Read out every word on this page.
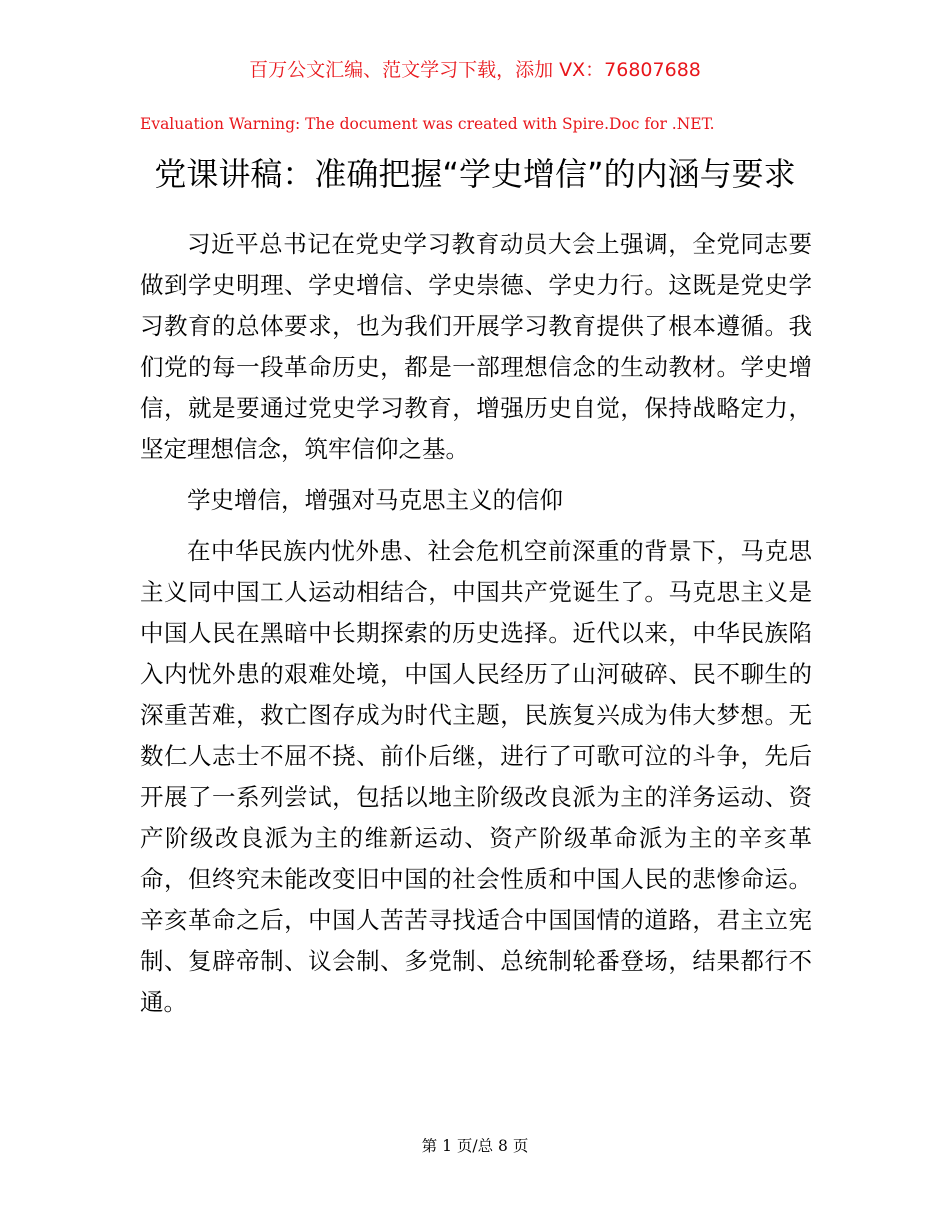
百万公文汇编、范文学习下载，添加 VX：76807688
Evaluation Warning: The document was created with Spire.Doc for .NET.
党课讲稿：准确把握“学史增信”的内涵与要求

习近平总书记在党史学习教育动员大会上强调，全党同志要做到学史明理、学史增信、学史崇德、学史力行。这既是党史学习教育的总体要求，也为我们开展学习教育提供了根本遵循。我们党的每一段革命历史，都是一部理想信念的生动教材。学史增信，就是要通过党史学习教育，增强历史自觉，保持战略定力，坚定理想信念，筑牢信仰之基。

学史增信，增强对马克思主义的信仰

在中华民族内忧外患、社会危机空前深重的背景下，马克思主义同中国工人运动相结合，中国共产党诞生了。马克思主义是中国人民在黑暗中长期探索的历史选择。近代以来，中华民族陷入内忧外患的艰难处境，中国人民经历了山河破碎、民不聊生的深重苦难，救亡图存成为时代主题，民族复兴成为伟大梦想。无数仁人志士不屈不挠、前仆后继，进行了可歌可泣的斗争，先后开展了一系列尝试，包括以地主阶级改良派为主的洋务运动、资产阶级改良派为主的维新运动、资产阶级革命派为主的辛亥革命，但终究未能改变旧中国的社会性质和中国人民的悲惨命运。辛亥革命之后，中国人苦苦寻找适合中国国情的道路，君主立宪制、复辟帝制、议会制、多党制、总统制轮番登场，结果都行不通。

第 1 页/总 8 页
